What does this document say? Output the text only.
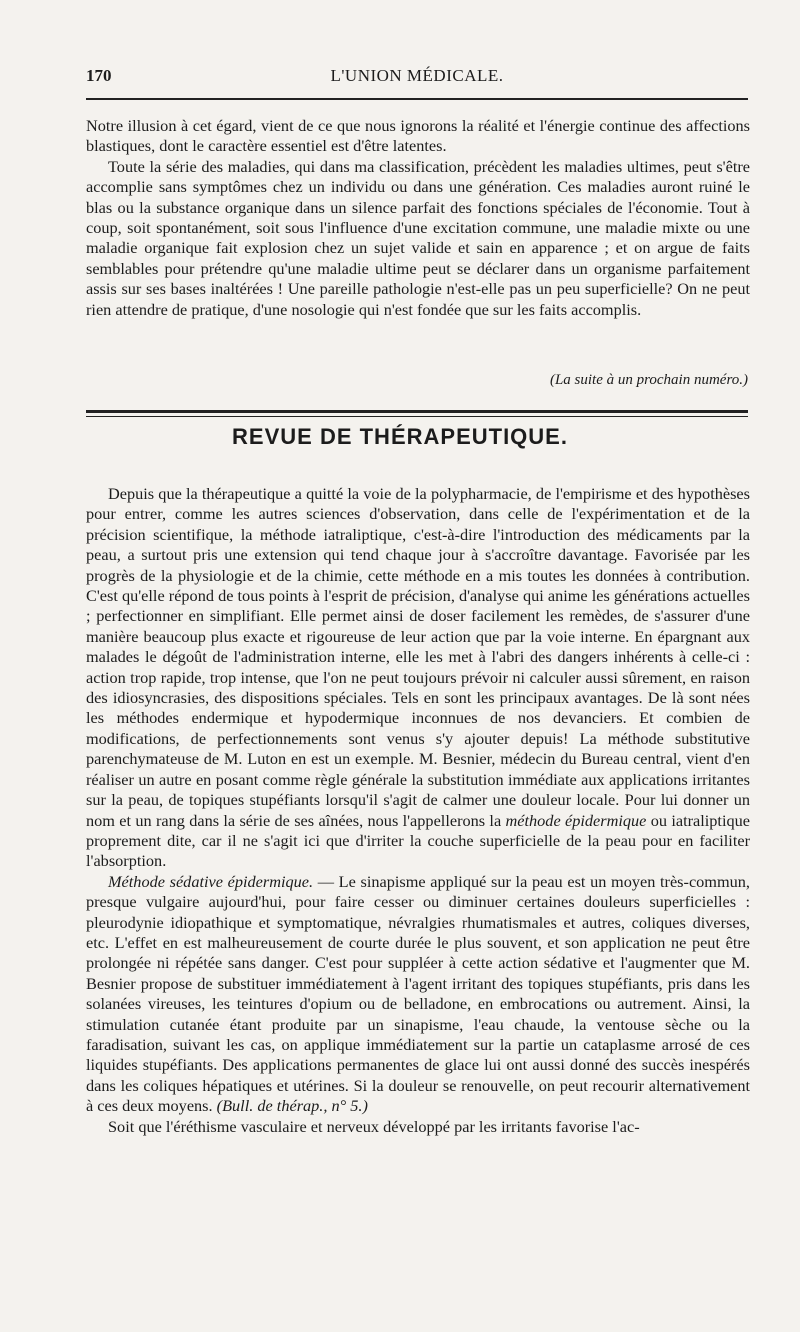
170	L'UNION MÉDICALE.

Notre illusion à cet égard, vient de ce que nous ignorons la réalité et l'énergie continue des affections blastiques, dont le caractère essentiel est d'être latentes.

Toute la série des maladies, qui dans ma classification, précèdent les maladies ultimes, peut s'être accomplie sans symptômes chez un individu ou dans une génération. Ces maladies auront ruiné le blas ou la substance organique dans un silence parfait des fonctions spéciales de l'économie. Tout à coup, soit spontanément, soit sous l'influence d'une excitation commune, une maladie mixte ou une maladie organique fait explosion chez un sujet valide et sain en apparence ; et on argue de faits semblables pour prétendre qu'une maladie ultime peut se déclarer dans un organisme parfaitement assis sur ses bases inaltérées ! Une pareille pathologie n'est-elle pas un peu superficielle? On ne peut rien attendre de pratique, d'une nosologie qui n'est fondée que sur les faits accomplis.

(La suite à un prochain numéro.)
REVUE DE THÉRAPEUTIQUE.

Depuis que la thérapeutique a quitté la voie de la polypharmacie, de l'empirisme et des hypothèses pour entrer, comme les autres sciences d'observation, dans celle de l'expérimentation et de la précision scientifique, la méthode iatraliptique, c'est-à-dire l'introduction des médicaments par la peau, a surtout pris une extension qui tend chaque jour à s'accroître davantage. Favorisée par les progrès de la physiologie et de la chimie, cette méthode en a mis toutes les données à contribution. C'est qu'elle répond de tous points à l'esprit de précision, d'analyse qui anime les générations actuelles ; perfectionner en simplifiant. Elle permet ainsi de doser facilement les remèdes, de s'assurer d'une manière beaucoup plus exacte et rigoureuse de leur action que par la voie interne. En épargnant aux malades le dégoût de l'administration interne, elle les met à l'abri des dangers inhérents à celle-ci : action trop rapide, trop intense, que l'on ne peut toujours prévoir ni calculer aussi sûrement, en raison des idiosyncrasies, des dispositions spéciales. Tels en sont les principaux avantages. De là sont nées les méthodes endermique et hypodermique inconnues de nos devanciers. Et combien de modifications, de perfectionnements sont venus s'y ajouter depuis! La méthode substitutive parenchymateuse de M. Luton en est un exemple. M. Besnier, médecin du Bureau central, vient d'en réaliser un autre en posant comme règle générale la substitution immédiate aux applications irritantes sur la peau, de topiques stupéfiants lorsqu'il s'agit de calmer une douleur locale. Pour lui donner un nom et un rang dans la série de ses aînées, nous l'appellerons la méthode épidermique ou iatraliptique proprement dite, car il ne s'agit ici que d'irriter la couche superficielle de la peau pour en faciliter l'absorption.

Méthode sédative épidermique. — Le sinapisme appliqué sur la peau est un moyen très-commun, presque vulgaire aujourd'hui, pour faire cesser ou diminuer certaines douleurs superficielles : pleurodynie idiopathique et symptomatique, névralgies rhumatismales et autres, coliques diverses, etc. L'effet en est malheureusement de courte durée le plus souvent, et son application ne peut être prolongée ni répétée sans danger. C'est pour suppléer à cette action sédative et l'augmenter que M. Besnier propose de substituer immédiatement à l'agent irritant des topiques stupéfiants, pris dans les solanées vireuses, les teintures d'opium ou de belladone, en embrocations ou autrement. Ainsi, la stimulation cutanée étant produite par un sinapisme, l'eau chaude, la ventouse sèche ou la faradisation, suivant les cas, on applique immédiatement sur la partie un cataplasme arrosé de ces liquides stupéfiants. Des applications permanentes de glace lui ont aussi donné des succès inespérés dans les coliques hépatiques et utérines. Si la douleur se renouvelle, on peut recourir alternativement à ces deux moyens. (Bull. de thérap., n° 5.)

Soit que l'éréthisme vasculaire et nerveux développé par les irritants favorise l'ac-
